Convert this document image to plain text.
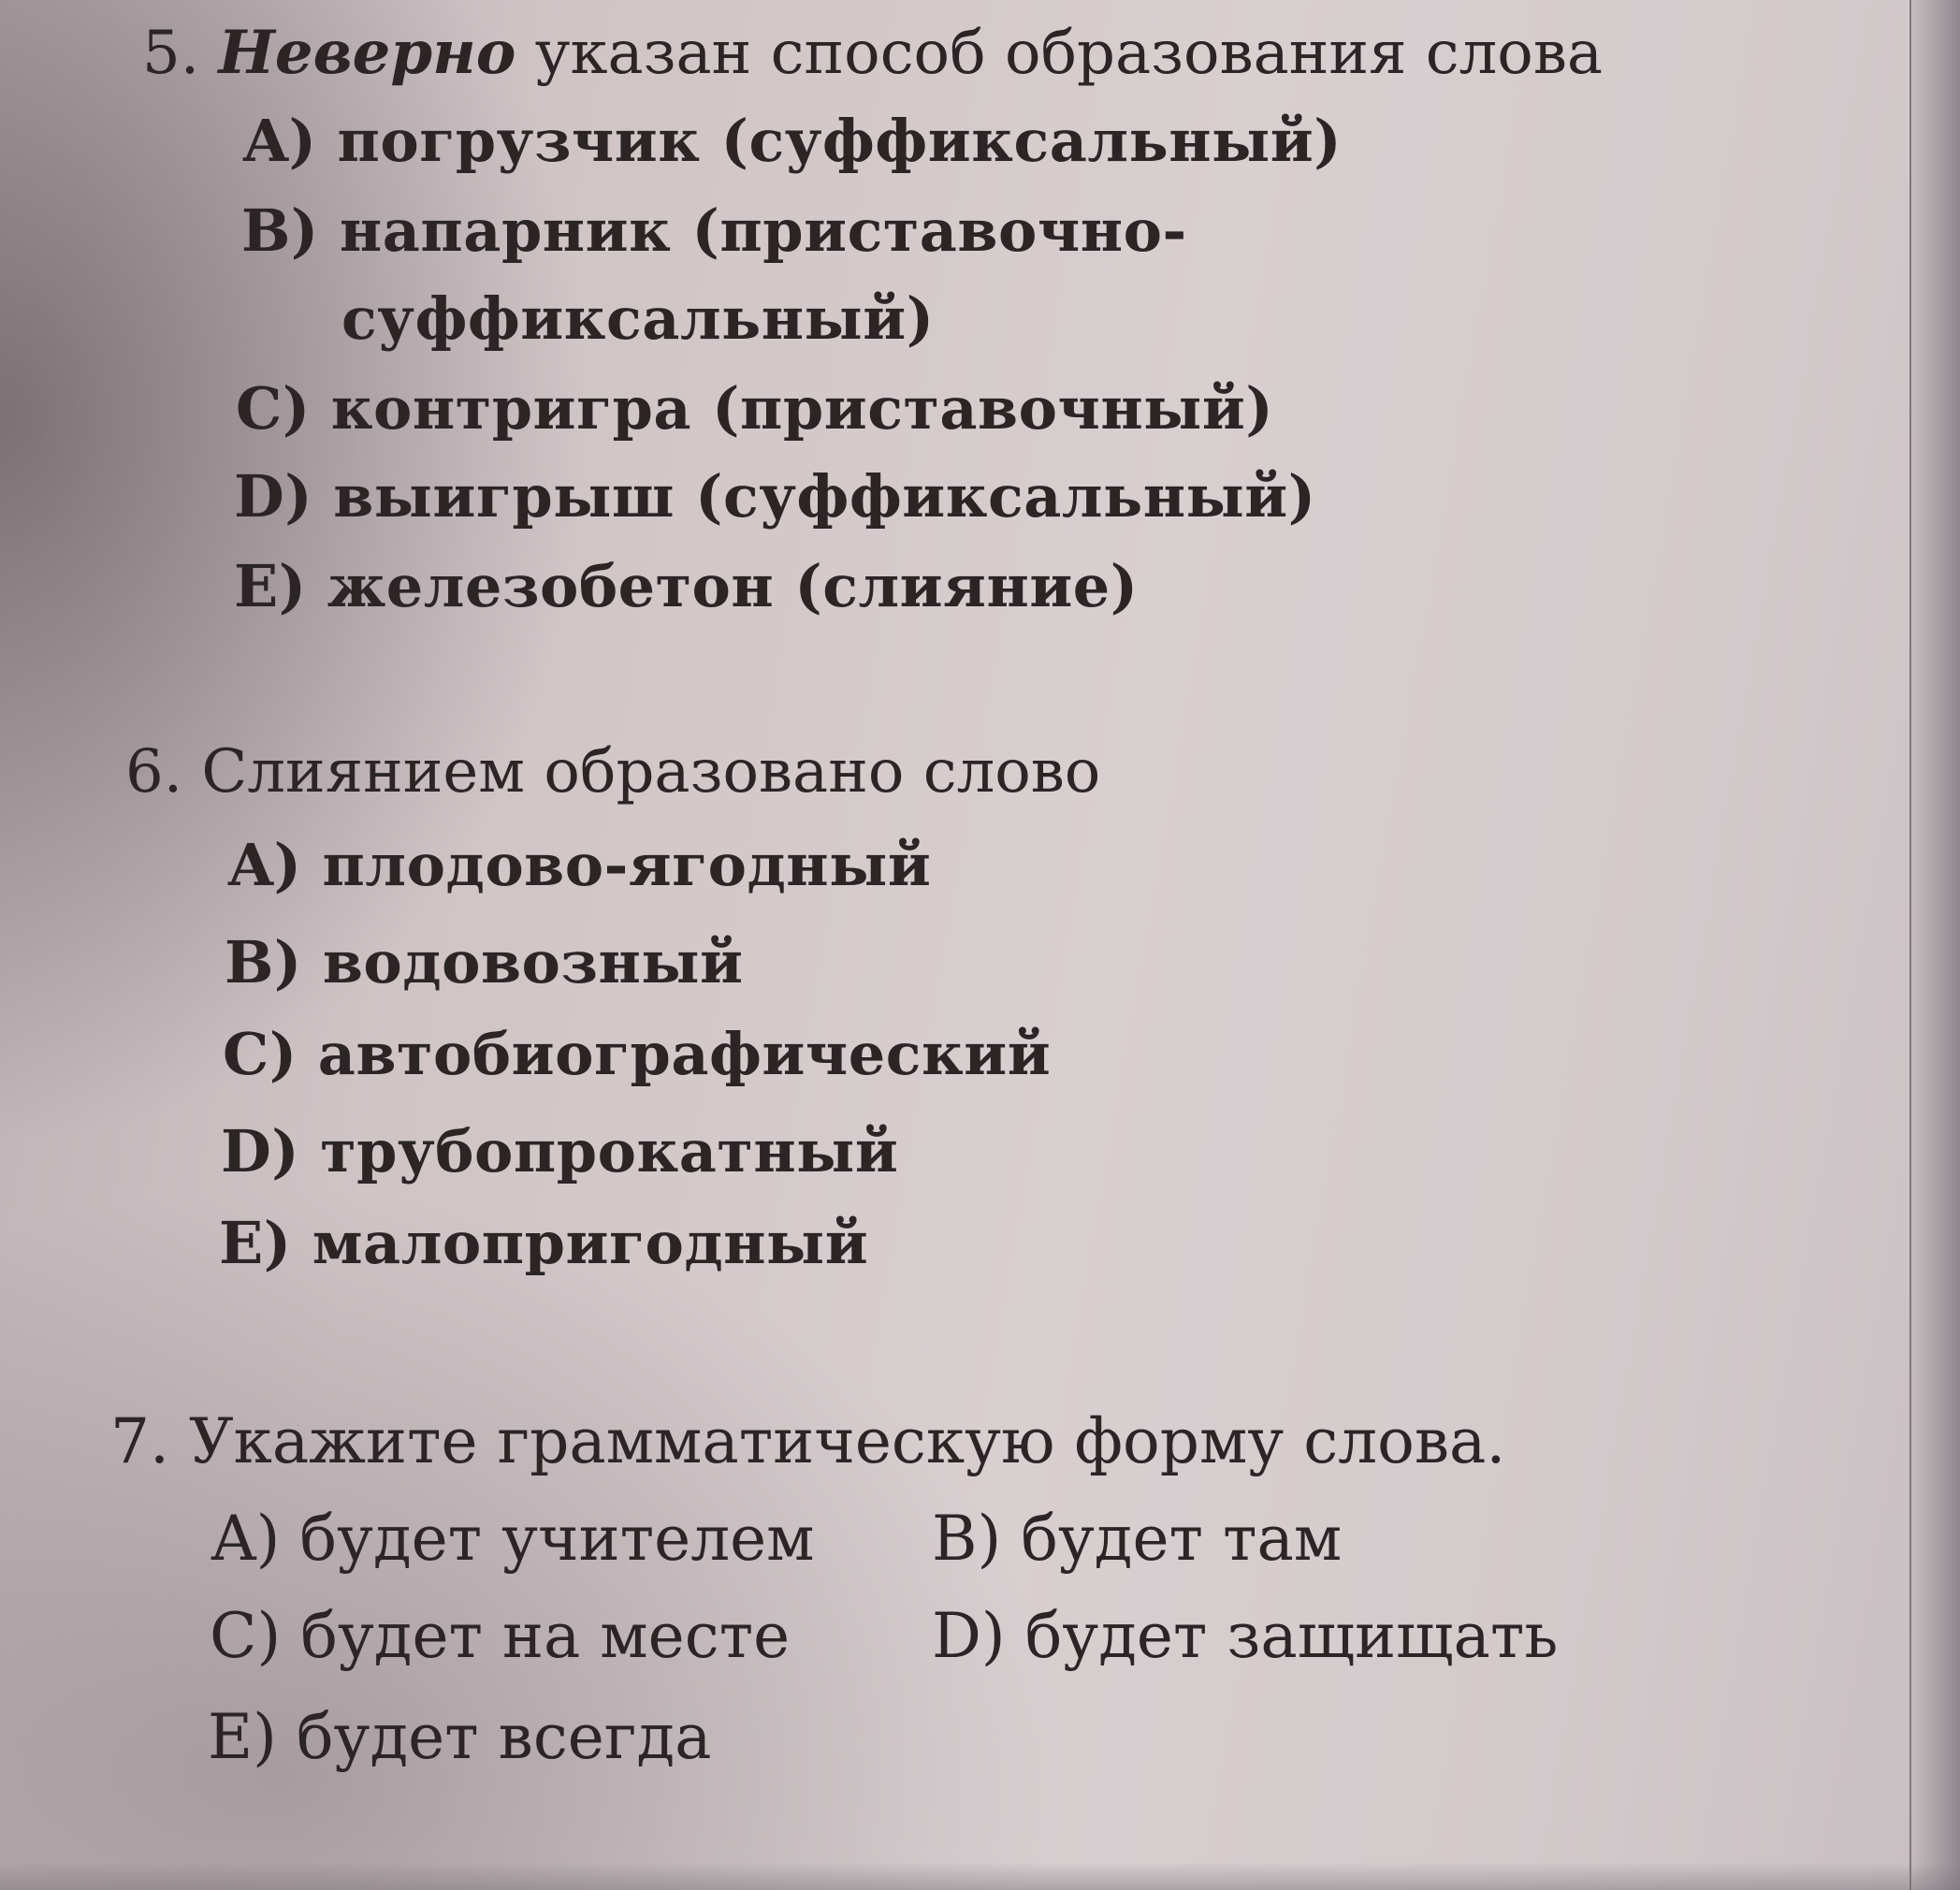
5. Неверно указан способ образования слова
A) погрузчик (суффиксальный)
B) напарник (приставочно-
суффиксальный)
C) контригра (приставочный)
D) выигрыш (суффиксальный)
E) железобетон (слияние)
6. Слиянием образовано слово
A) плодово-ягодный
B) водовозный
C) автобиографический
D) трубопрокатный
E) малопригодный
7. Укажите грамматическую форму слова.
A) будет учителем B) будет там
C) будет на месте D) будет защищать
E) будет всегда
